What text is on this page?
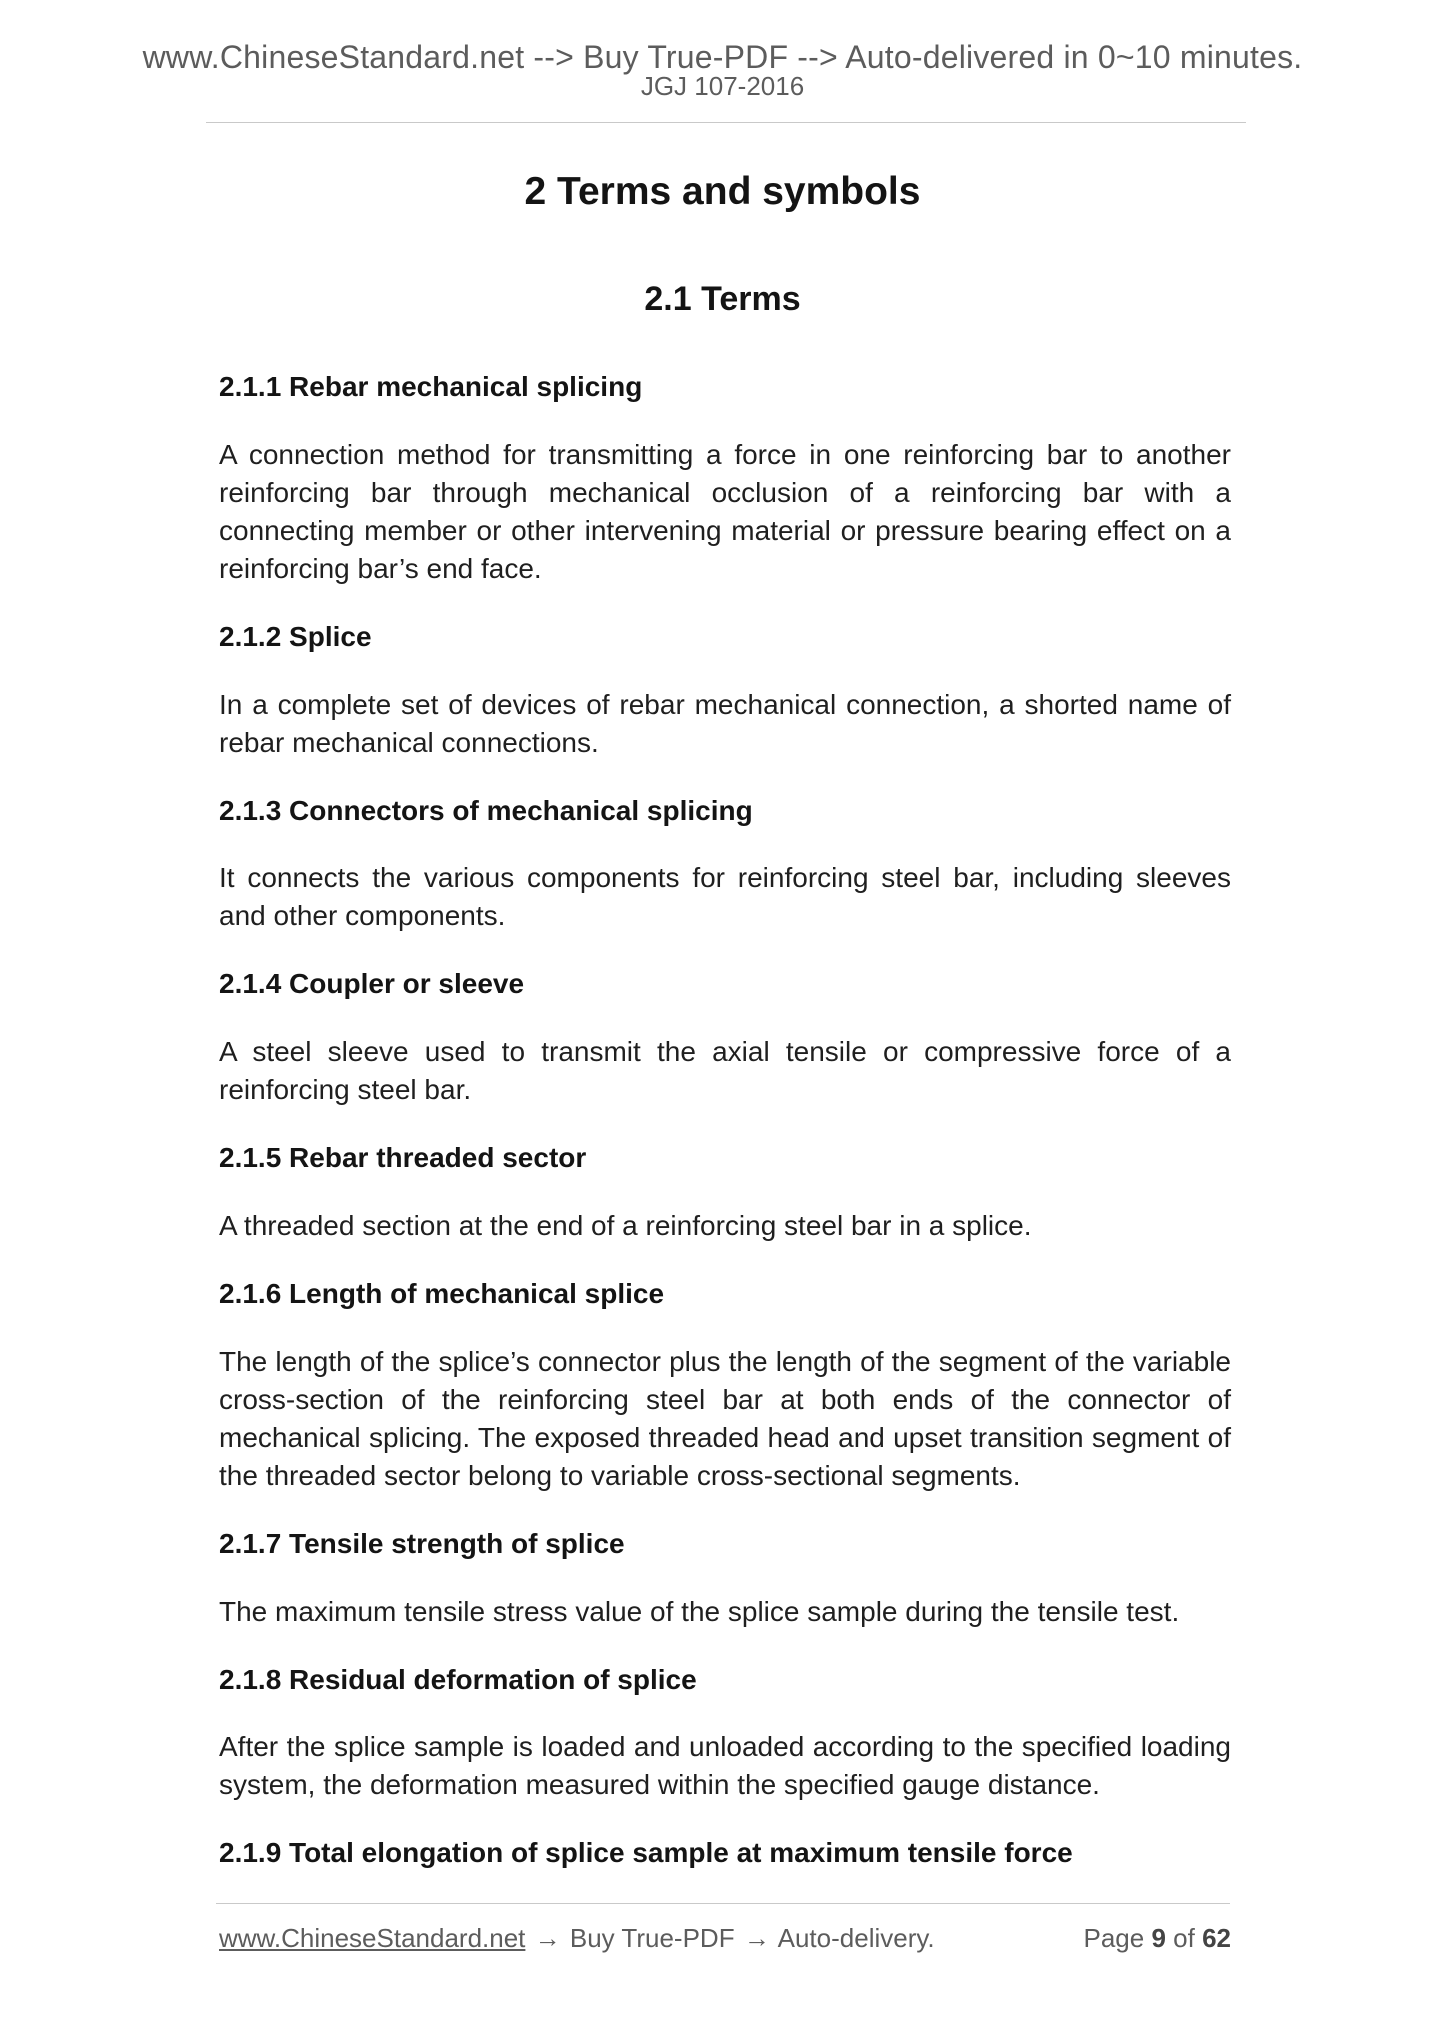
www.ChineseStandard.net --> Buy True-PDF --> Auto-delivered in 0~10 minutes.
JGJ 107-2016
2 Terms and symbols
2.1 Terms
2.1.1 Rebar mechanical splicing

A connection method for transmitting a force in one reinforcing bar to another reinforcing bar through mechanical occlusion of a reinforcing bar with a connecting member or other intervening material or pressure bearing effect on a reinforcing bar’s end face.

2.1.2 Splice

In a complete set of devices of rebar mechanical connection, a shorted name of rebar mechanical connections.

2.1.3 Connectors of mechanical splicing

It connects the various components for reinforcing steel bar, including sleeves and other components.

2.1.4 Coupler or sleeve

A steel sleeve used to transmit the axial tensile or compressive force of a reinforcing steel bar.

2.1.5 Rebar threaded sector

A threaded section at the end of a reinforcing steel bar in a splice.

2.1.6 Length of mechanical splice

The length of the splice’s connector plus the length of the segment of the variable cross-section of the reinforcing steel bar at both ends of the connector of mechanical splicing. The exposed threaded head and upset transition segment of the threaded sector belong to variable cross-sectional segments.

2.1.7 Tensile strength of splice

The maximum tensile stress value of the splice sample during the tensile test.

2.1.8 Residual deformation of splice

After the splice sample is loaded and unloaded according to the specified loading system, the deformation measured within the specified gauge distance.

2.1.9 Total elongation of splice sample at maximum tensile force
www.ChineseStandard.net → Buy True-PDF → Auto-delivery.	Page 9 of 62
